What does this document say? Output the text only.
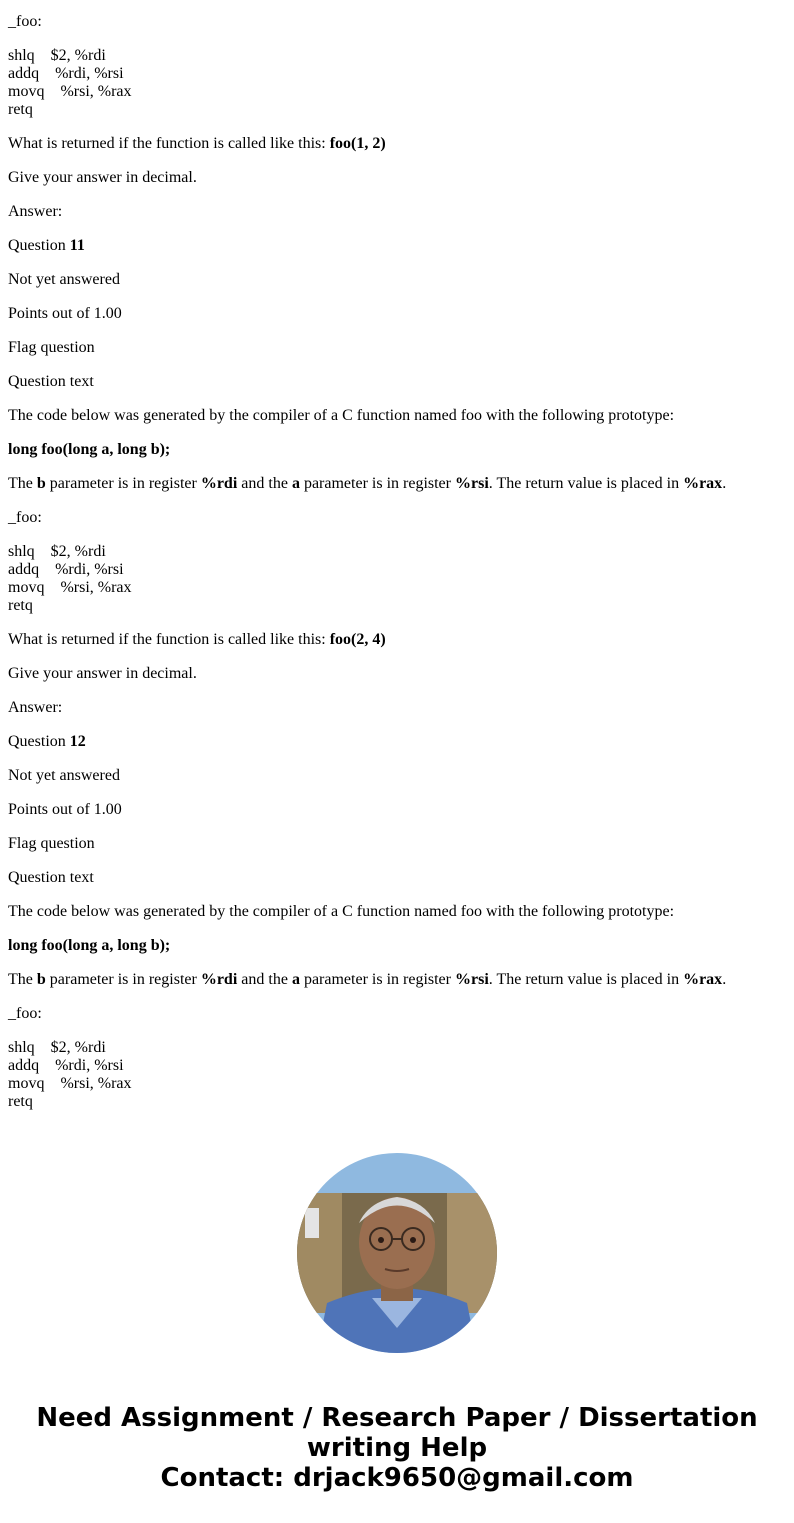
_foo:
shlq    $2, %rdi
addq    %rdi, %rsi
movq    %rsi, %rax
retq
What is returned if the function is called like this: foo(1, 2)
Give your answer in decimal.
Answer:
Question 11
Not yet answered
Points out of 1.00
Flag question
Question text
The code below was generated by the compiler of a C function named foo with the following prototype:
long foo(long a, long b);
The b parameter is in register %rdi and the a parameter is in register %rsi. The return value is placed in %rax.
_foo:
shlq    $2, %rdi
addq    %rdi, %rsi
movq    %rsi, %rax
retq
What is returned if the function is called like this: foo(2, 4)
Give your answer in decimal.
Answer:
Question 12
Not yet answered
Points out of 1.00
Flag question
Question text
The code below was generated by the compiler of a C function named foo with the following prototype:
long foo(long a, long b);
The b parameter is in register %rdi and the a parameter is in register %rsi. The return value is placed in %rax.
_foo:
shlq    $2, %rdi
addq    %rdi, %rsi
movq    %rsi, %rax
retq
Need Assignment / Research Paper / Dissertation
writing Help
Contact: drjack9650@gmail.com
